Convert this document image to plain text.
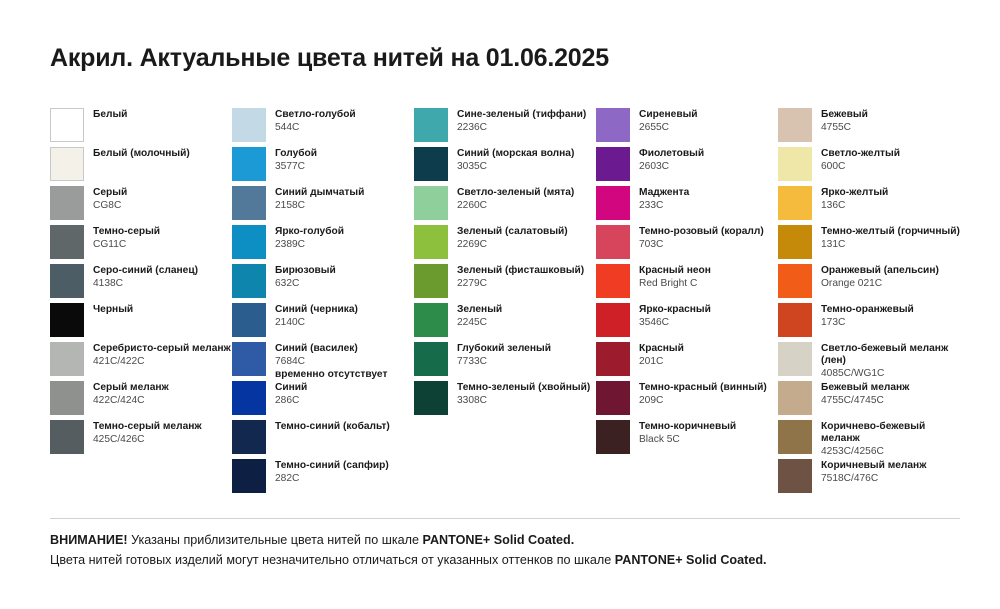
Акрил. Актуальные цвета нитей на 01.06.2025
Белый
Белый (молочный)
Серый
CG8C
Темно-серый
CG11C
Серо-синий (сланец)
4138C
Черный
Серебристо-серый меланж
421C/422C
Серый меланж
422C/424C
Темно-серый меланж
425C/426C
Светло-голубой
544C
Голубой
3577C
Синий дымчатый
2158C
Ярко-голубой
2389C
Бирюзовый
632C
Синий (черника)
2140C
Синий (василек)
7684C
временно отсутствует
Синий
286C
Темно-синий (кобальт)
Темно-синий (сапфир)
282C
Сине-зеленый (тиффани)
2236C
Синий (морская волна)
3035C
Светло-зеленый (мята)
2260C
Зеленый (салатовый)
2269C
Зеленый (фисташковый)
2279C
Зеленый
2245C
Глубокий зеленый
7733C
Темно-зеленый (хвойный)
3308C
Сиреневый
2655C
Фиолетовый
2603C
Маджента
233C
Темно-розовый (коралл)
703C
Красный неон
Red Bright C
Ярко-красный
3546C
Красный
201C
Темно-красный (винный)
209C
Темно-коричневый
Black 5C
Бежевый
4755C
Светло-желтый
600C
Ярко-желтый
136C
Темно-желтый (горчичный)
131C
Оранжевый (апельсин)
Orange 021C
Темно-оранжевый
173C
Светло-бежевый меланж (лен)
4085C/WG1C
Бежевый меланж
4755C/4745C
Коричнево-бежевый меланж
4253C/4256C
Коричневый меланж
7518C/476C
ВНИМАНИЕ! Указаны приблизительные цвета нитей по шкале PANTONE+ Solid Coated.
Цвета нитей готовых изделий могут незначительно отличаться от указанных оттенков по шкале PANTONE+ Solid Coated.
